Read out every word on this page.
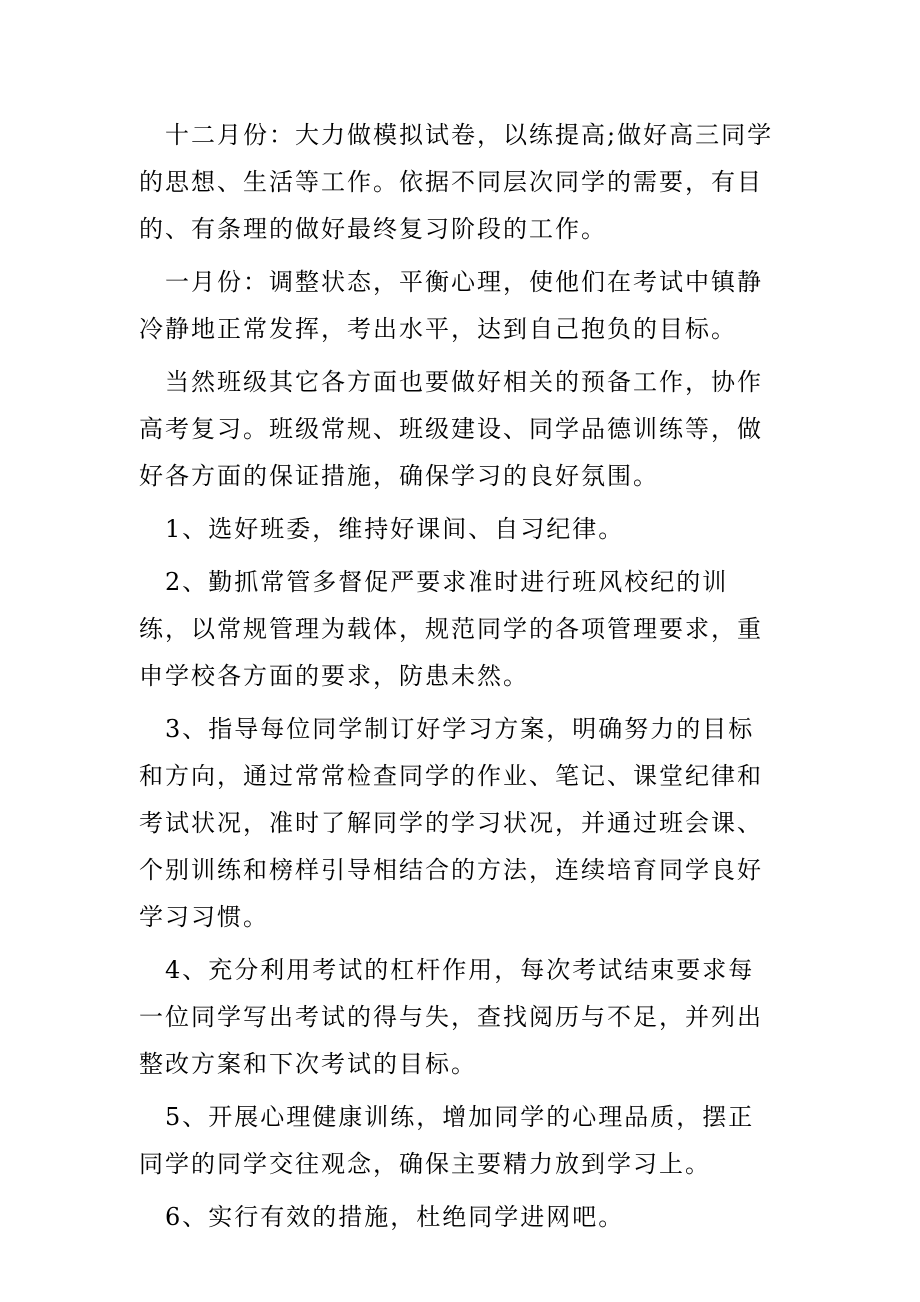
十二月份：大力做模拟试卷，以练提高;做好高三同学的思想、生活等工作。依据不同层次同学的需要，有目的、有条理的做好最终复习阶段的工作。

一月份：调整状态，平衡心理，使他们在考试中镇静冷静地正常发挥，考出水平，达到自己抱负的目标。

当然班级其它各方面也要做好相关的预备工作，协作高考复习。班级常规、班级建设、同学品德训练等，做好各方面的保证措施，确保学习的良好氛围。

1、选好班委，维持好课间、自习纪律。

2、勤抓常管多督促严要求准时进行班风校纪的训练，以常规管理为载体，规范同学的各项管理要求，重申学校各方面的要求，防患未然。

3、指导每位同学制订好学习方案，明确努力的目标和方向，通过常常检查同学的作业、笔记、课堂纪律和考试状况，准时了解同学的学习状况，并通过班会课、个别训练和榜样引导相结合的方法，连续培育同学良好学习习惯。

4、充分利用考试的杠杆作用，每次考试结束要求每一位同学写出考试的得与失，查找阅历与不足，并列出整改方案和下次考试的目标。

5、开展心理健康训练，增加同学的心理品质，摆正同学的同学交往观念，确保主要精力放到学习上。

6、实行有效的措施，杜绝同学进网吧。
